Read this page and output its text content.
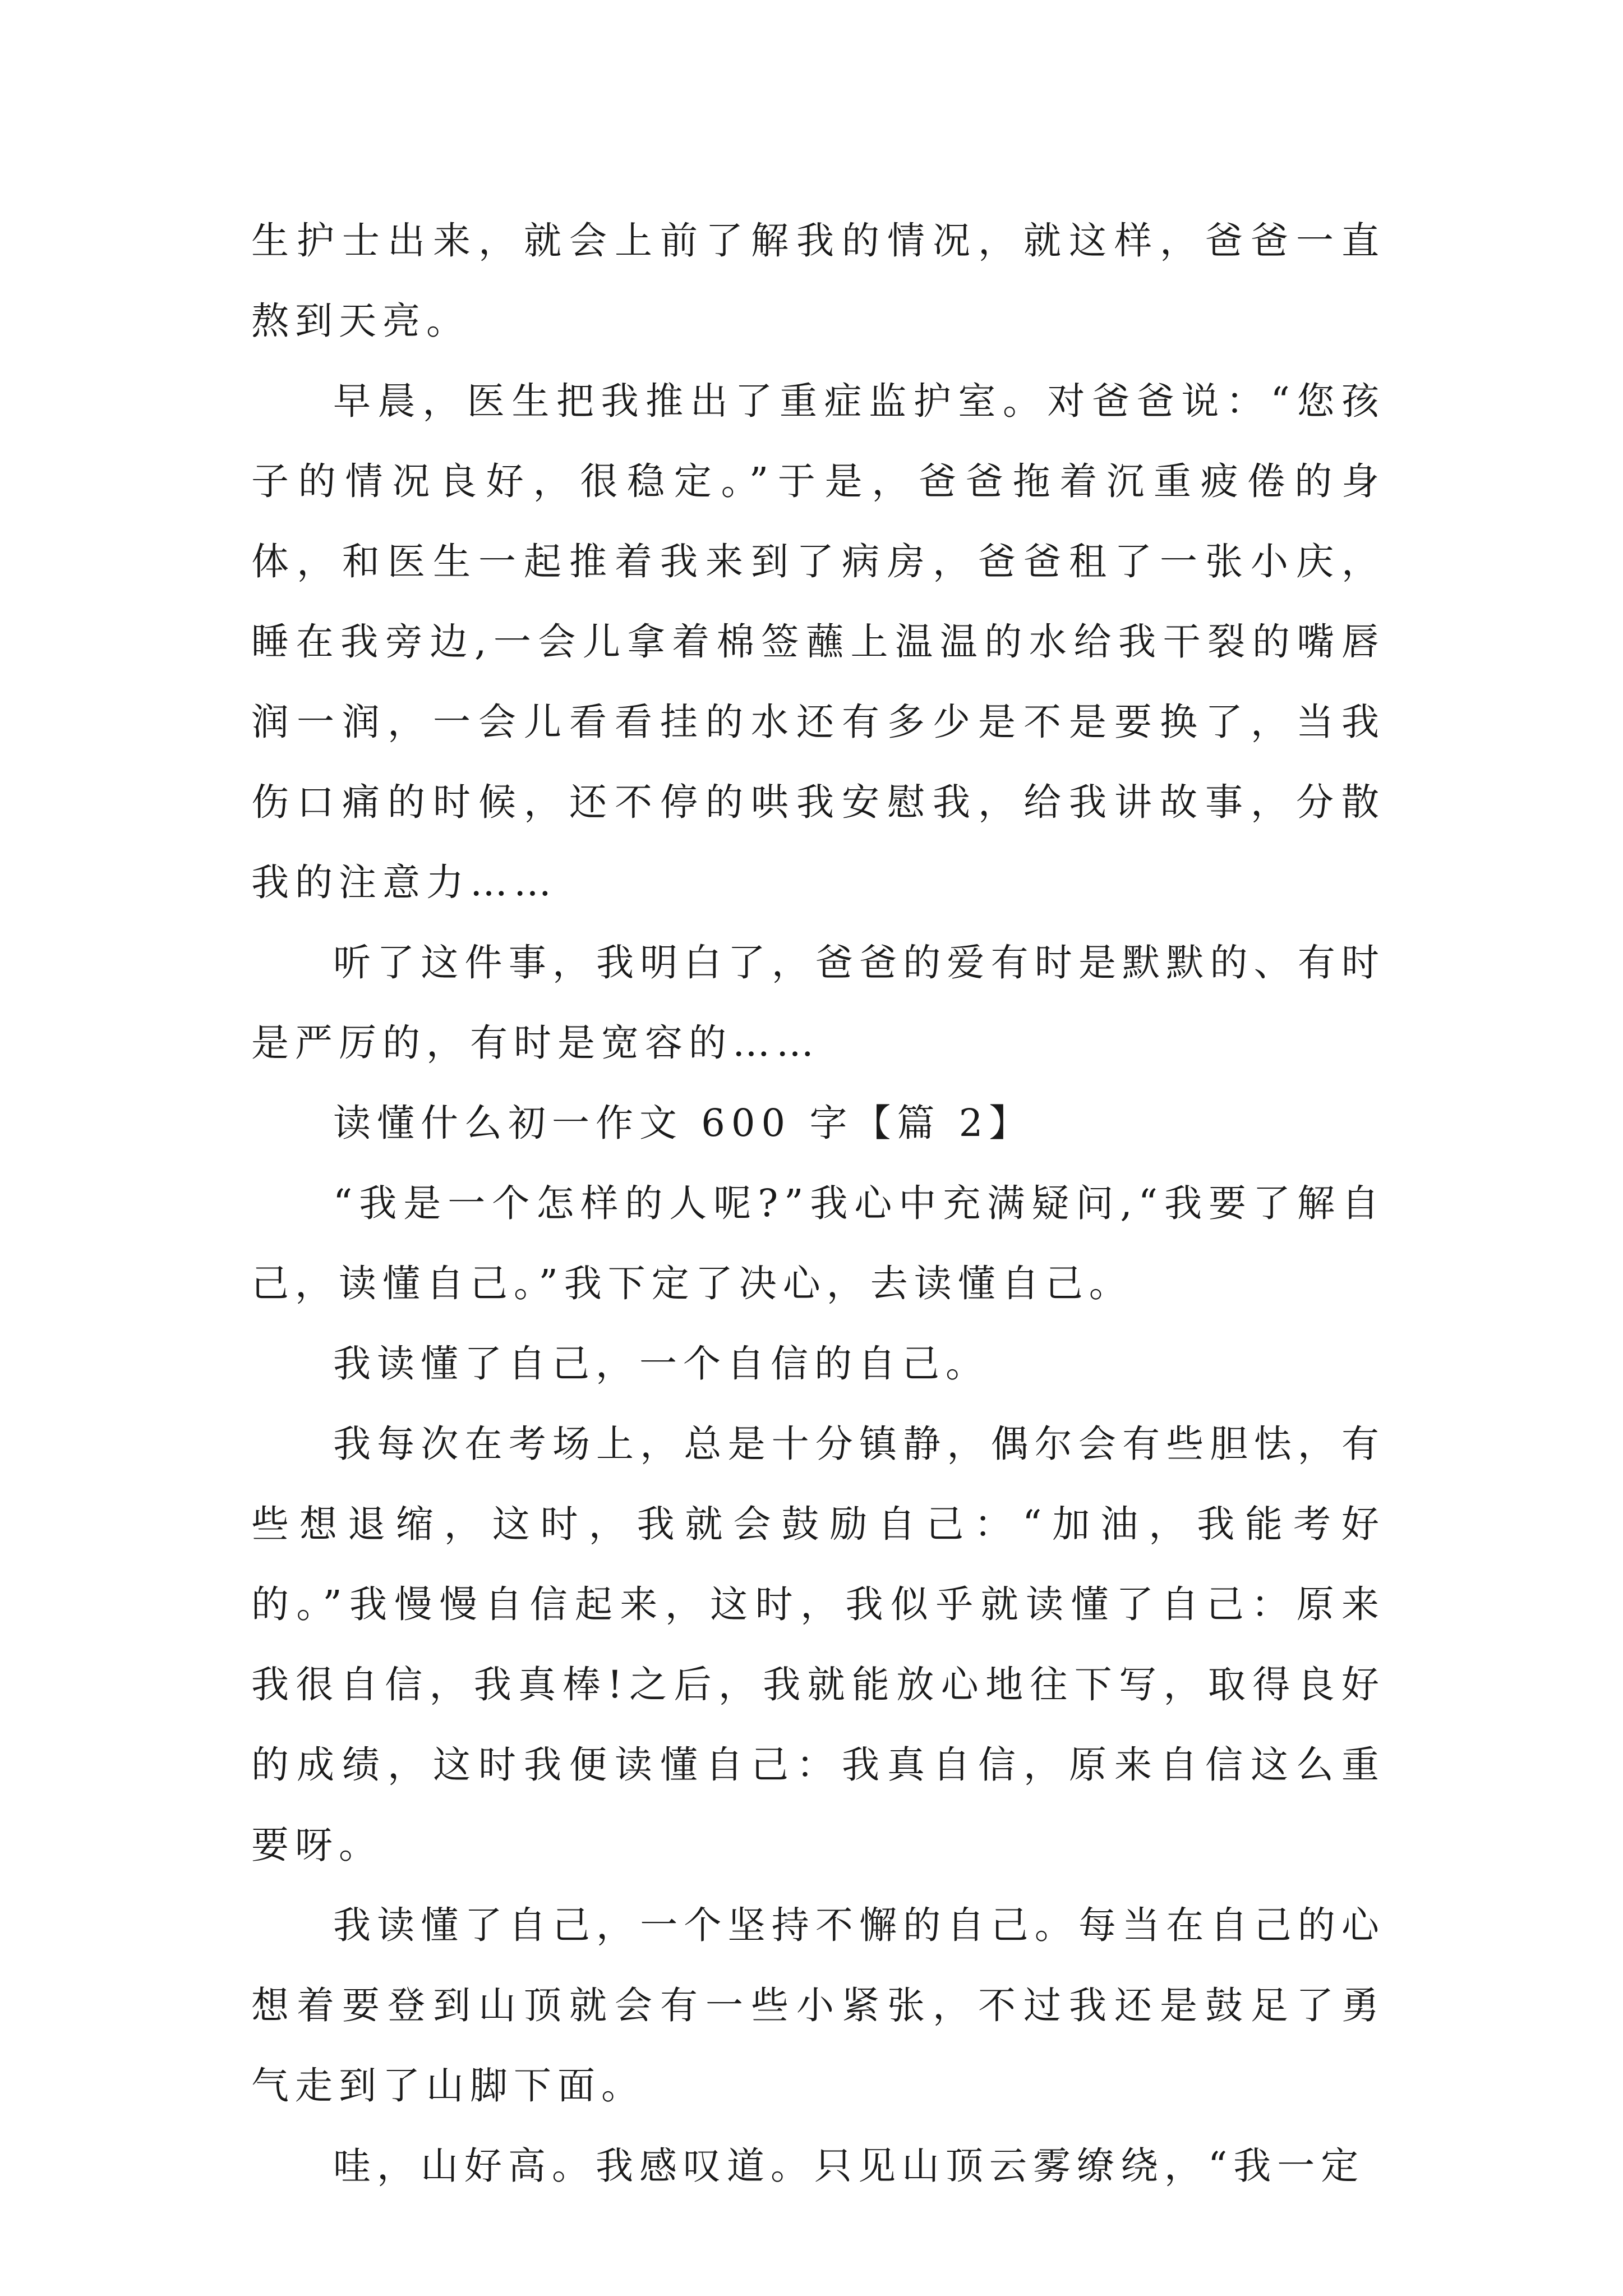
生护士出来，就会上前了解我的情况，就这样，爸爸一直熬到天亮。

早晨，医生把我推出了重症监护室。对爸爸说：“您孩子的情况良好，很稳定。”于是，爸爸拖着沉重疲倦的身体，和医生一起推着我来到了病房，爸爸租了一张小庆，睡在我旁边,一会儿拿着棉签蘸上温温的水给我干裂的嘴唇润一润，一会儿看看挂的水还有多少是不是要换了，当我伤口痛的时候，还不停的哄我安慰我，给我讲故事，分散我的注意力……

听了这件事，我明白了，爸爸的爱有时是默默的、有时是严厉的，有时是宽容的……

读懂什么初一作文 600 字【篇 2】

“我是一个怎样的人呢?”我心中充满疑问,“我要了解自己，读懂自己。”我下定了决心，去读懂自己。

我读懂了自己，一个自信的自己。

我每次在考场上，总是十分镇静，偶尔会有些胆怯，有些想退缩，这时，我就会鼓励自己：“加油，我能考好的。”我慢慢自信起来，这时，我似乎就读懂了自己：原来我很自信，我真棒!之后，我就能放心地往下写，取得良好的成绩，这时我便读懂自己：我真自信，原来自信这么重要呀。

我读懂了自己，一个坚持不懈的自己。每当在自己的心想着要登到山顶就会有一些小紧张，不过我还是鼓足了勇气走到了山脚下面。

哇，山好高。我感叹道。只见山顶云雾缭绕，“我一定
